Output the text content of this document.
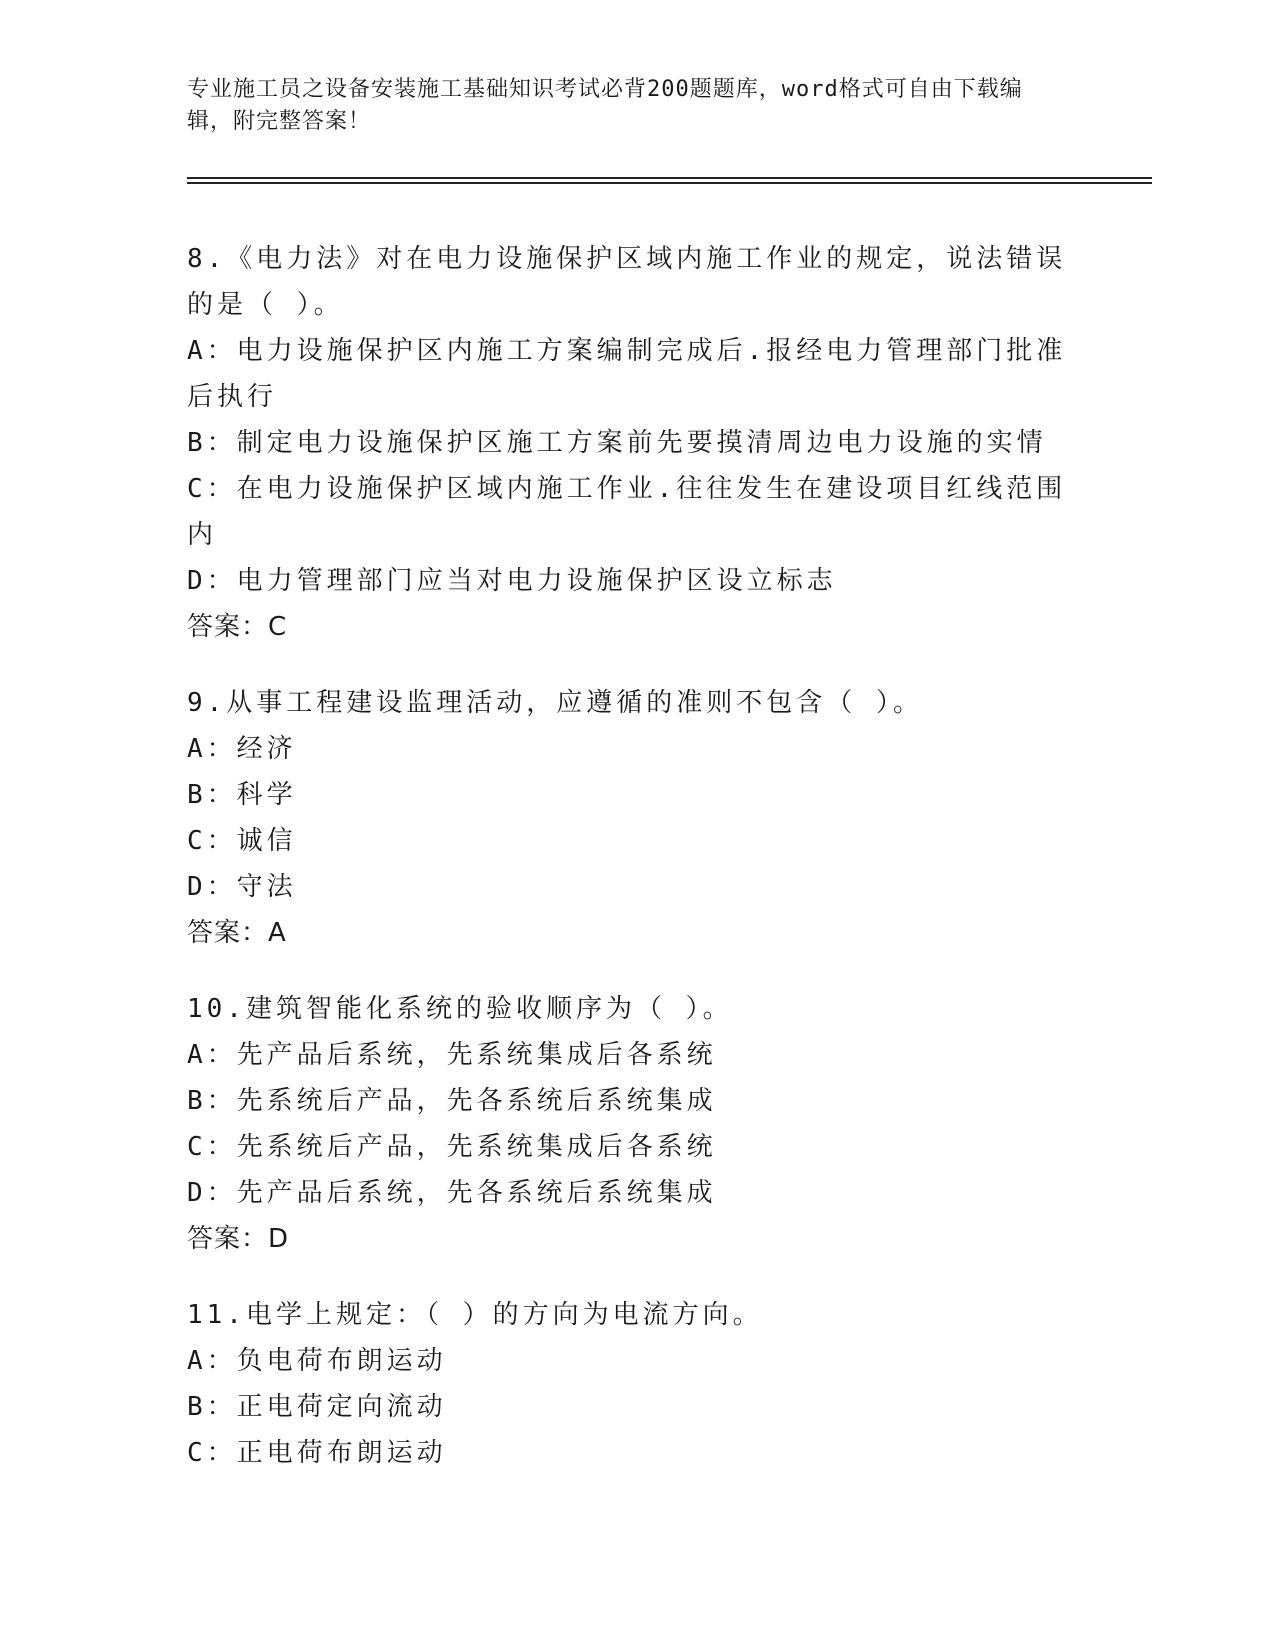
专业施工员之设备安装施工基础知识考试必背200题题库，word格式可自由下载编辑，附完整答案！

8.《电力法》对在电力设施保护区域内施工作业的规定，说法错误的是（ ）。

A：电力设施保护区内施工方案编制完成后.报经电力管理部门批准后执行

B：制定电力设施保护区施工方案前先要摸清周边电力设施的实情

C：在电力设施保护区域内施工作业.往往发生在建设项目红线范围内

D：电力管理部门应当对电力设施保护区设立标志

答案：C

9.从事工程建设监理活动，应遵循的准则不包含（ ）。

A：经济

B：科学

C：诚信

D：守法

答案：A

10.建筑智能化系统的验收顺序为（ ）。

A：先产品后系统，先系统集成后各系统

B：先系统后产品，先各系统后系统集成

C：先系统后产品，先系统集成后各系统

D：先产品后系统，先各系统后系统集成

答案：D

11.电学上规定：（ ）的方向为电流方向。

A：负电荷布朗运动

B：正电荷定向流动

C：正电荷布朗运动
